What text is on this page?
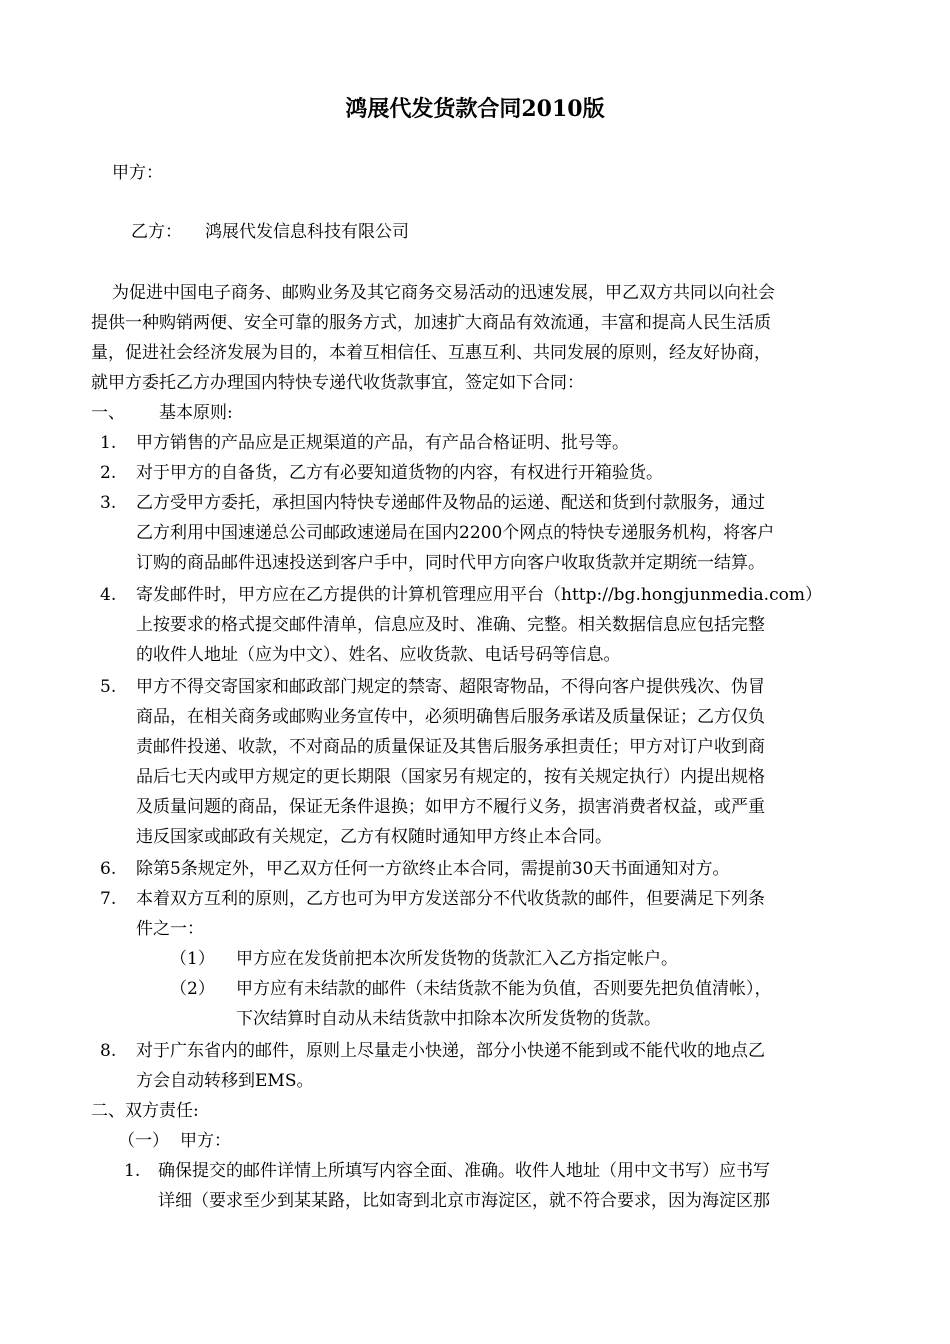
鸿展代发货款合同2010版
甲方：
乙方： 鸿展代发信息科技有限公司
为促进中国电子商务、邮购业务及其它商务交易活动的迅速发展，甲乙双方共同以向社会
提供一种购销两便、安全可靠的服务方式，加速扩大商品有效流通，丰富和提高人民生活质
量，促进社会经济发展为目的，本着互相信任、互惠互利、共同发展的原则，经友好协商，
就甲方委托乙方办理国内特快专递代收货款事宜，签定如下合同：
一、 基本原则:
1. 甲方销售的产品应是正规渠道的产品，有产品合格证明、批号等。
2. 对于甲方的自备货，乙方有必要知道货物的内容，有权进行开箱验货。
3. 乙方受甲方委托，承担国内特快专递邮件及物品的运递、配送和货到付款服务，通过
乙方利用中国速递总公司邮政速递局在国内2200个网点的特快专递服务机构，将客户
订购的商品邮件迅速投送到客户手中，同时代甲方向客户收取货款并定期统一结算。
4. 寄发邮件时，甲方应在乙方提供的计算机管理应用平台（http://bg.hongjunmedia.com）
上按要求的格式提交邮件清单，信息应及时、准确、完整。相关数据信息应包括完整
的收件人地址（应为中文）、姓名、应收货款、电话号码等信息。
5. 甲方不得交寄国家和邮政部门规定的禁寄、超限寄物品，不得向客户提供残次、伪冒
商品，在相关商务或邮购业务宣传中，必须明确售后服务承诺及质量保证；乙方仅负
责邮件投递、收款，不对商品的质量保证及其售后服务承担责任；甲方对订户收到商
品后七天内或甲方规定的更长期限（国家另有规定的，按有关规定执行）内提出规格
及质量问题的商品，保证无条件退换；如甲方不履行义务，损害消费者权益，或严重
违反国家或邮政有关规定，乙方有权随时通知甲方终止本合同。
6. 除第5条规定外，甲乙双方任何一方欲终止本合同，需提前30天书面通知对方。
7. 本着双方互利的原则，乙方也可为甲方发送部分不代收货款的邮件，但要满足下列条
件之一：
（1） 甲方应在发货前把本次所发货物的货款汇入乙方指定帐户。
（2） 甲方应有未结款的邮件（未结货款不能为负值，否则要先把负值清帐），
下次结算时自动从未结货款中扣除本次所发货物的货款。
8. 对于广东省内的邮件，原则上尽量走小快递，部分小快递不能到或不能代收的地点乙
方会自动转移到EMS。
二、双方责任:
（一） 甲方：
1. 确保提交的邮件详情上所填写内容全面、准确。收件人地址（用中文书写）应书写
详细（要求至少到某某路，比如寄到北京市海淀区，就不符合要求，因为海淀区那
